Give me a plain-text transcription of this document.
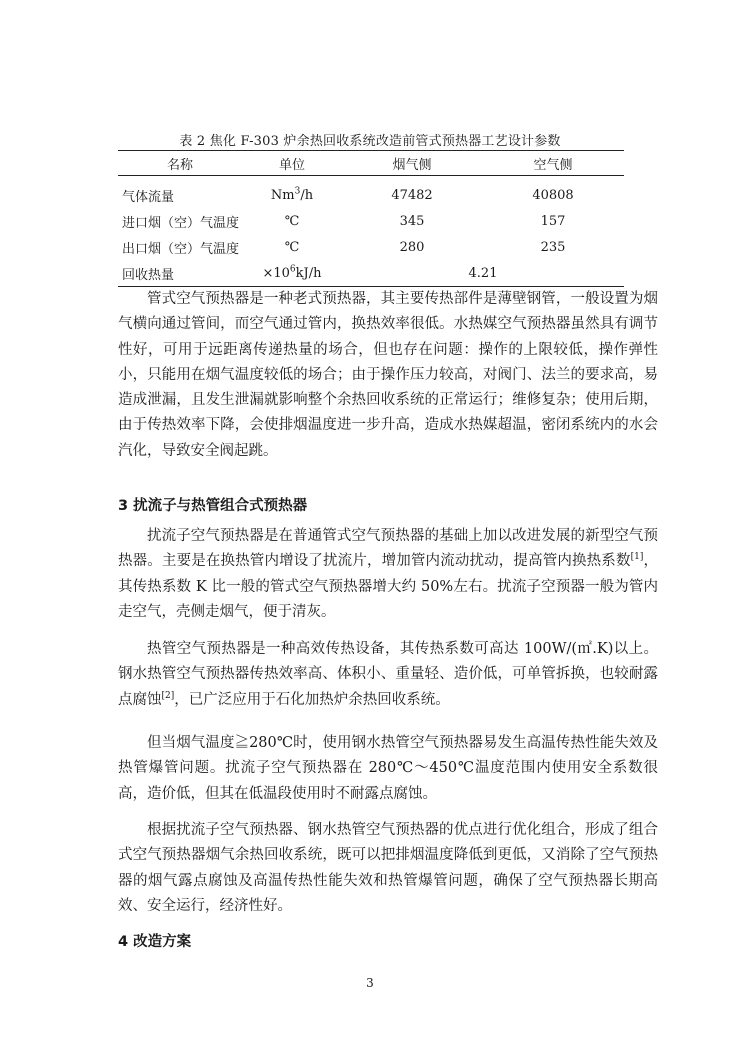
表 2 焦化 F-303 炉余热回收系统改造前管式预热器工艺设计参数
名称	单位	烟气侧	空气侧
气体流量	Nm$^3$/h	47482	40808
进口烟（空）气温度	℃	345	157
出口烟（空）气温度	℃	280	235
回收热量	$\times 10^6kJ/h$	4.21	

管式空气预热器是一种老式预热器，其主要传热部件是薄壁钢管，一般设置为烟气横向通过管间，而空气通过管内，换热效率很低。水热媒空气预热器虽然具有调节性好，可用于远距离传递热量的场合，但也存在问题：操作的上限较低，操作弹性小，只能用在烟气温度较低的场合；由于操作压力较高，对阀门、法兰的要求高，易造成泄漏，且发生泄漏就影响整个余热回收系统的正常运行；维修复杂；使用后期，由于传热效率下降，会使排烟温度进一步升高，造成水热媒超温，密闭系统内的水会汽化，导致安全阀起跳。

3 扰流子与热管组合式预热器

扰流子空气预热器是在普通管式空气预热器的基础上加以改进发展的新型空气预热器。主要是在换热管内增设了扰流片，增加管内流动扰动，提高管内换热系数[1]，其传热系数 K 比一般的管式空气预热器增大约 50%左右。扰流子空预器一般为管内走空气，壳侧走烟气，便于清灰。

热管空气预热器是一种高效传热设备，其传热系数可高达 100W/(㎡.K)以上。钢水热管空气预热器传热效率高、体积小、重量轻、造价低，可单管拆换，也较耐露点腐蚀[2]，已广泛应用于石化加热炉余热回收系统。

但当烟气温度≧280℃时，使用钢水热管空气预热器易发生高温传热性能失效及热管爆管问题。扰流子空气预热器在 280℃～450℃温度范围内使用安全系数很高，造价低，但其在低温段使用时不耐露点腐蚀。

根据扰流子空气预热器、钢水热管空气预热器的优点进行优化组合，形成了组合式空气预热器烟气余热回收系统，既可以把排烟温度降低到更低，又消除了空气预热器的烟气露点腐蚀及高温传热性能失效和热管爆管问题，确保了空气预热器长期高效、安全运行，经济性好。

4 改造方案
3
